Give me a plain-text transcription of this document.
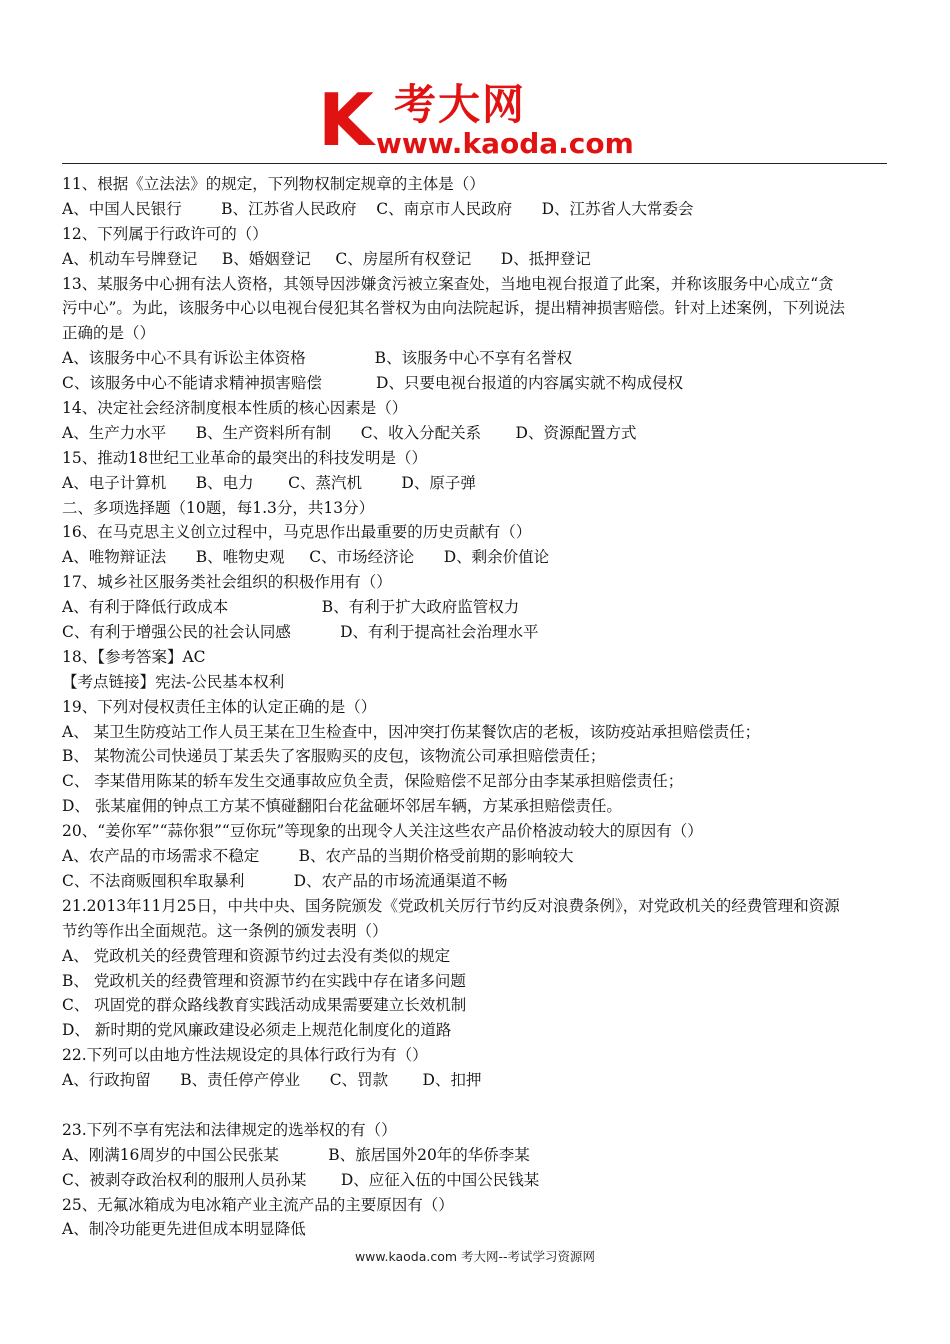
K 考大网
www.kaoda.com
11、根据《立法法》的规定，下列物权制定规章的主体是（）
A、中国人民银行        B、江苏省人民政府    C、南京市人民政府      D、江苏省人大常委会
12、下列属于行政许可的（）
A、机动车号牌登记     B、婚姻登记     C、房屋所有权登记      D、抵押登记
13、某服务中心拥有法人资格，其领导因涉嫌贪污被立案查处，当地电视台报道了此案，并称该服务中心成立“贪
污中心”。为此，该服务中心以电视台侵犯其名誉权为由向法院起诉，提出精神损害赔偿。针对上述案例，下列说法
正确的是（）
A、该服务中心不具有诉讼主体资格              B、该服务中心不享有名誉权
C、该服务中心不能请求精神损害赔偿           D、只要电视台报道的内容属实就不构成侵权
14、决定社会经济制度根本性质的核心因素是（）
A、生产力水平      B、生产资料所有制      C、收入分配关系       D、资源配置方式
15、推动18世纪工业革命的最突出的科技发明是（）
A、电子计算机      B、电力       C、蒸汽机        D、原子弹
二、多项选择题（10题，每1.3分，共13分）
16、在马克思主义创立过程中，马克思作出最重要的历史贡献有（）
A、唯物辩证法      B、唯物史观     C、市场经济论      D、剩余价值论
17、城乡社区服务类社会组织的积极作用有（）
A、有利于降低行政成本                   B、有利于扩大政府监管权力
C、有利于增强公民的社会认同感          D、有利于提高社会治理水平
18、【参考答案】AC
【考点链接】宪法-公民基本权利
19、下列对侵权责任主体的认定正确的是（）
A、 某卫生防疫站工作人员王某在卫生检查中，因冲突打伤某餐饮店的老板，该防疫站承担赔偿责任；
B、 某物流公司快递员丁某丢失了客服购买的皮包，该物流公司承担赔偿责任；
C、 李某借用陈某的轿车发生交通事故应负全责，保险赔偿不足部分由李某承担赔偿责任；
D、 张某雇佣的钟点工方某不慎碰翻阳台花盆砸坏邻居车辆，方某承担赔偿责任。
20、“姜你军”“蒜你狠”“豆你玩”等现象的出现令人关注这些农产品价格波动较大的原因有（）
A、农产品的市场需求不稳定        B、农产品的当期价格受前期的影响较大
C、不法商贩囤积牟取暴利          D、农产品的市场流通渠道不畅
21.2013年11月25日，中共中央、国务院颁发《党政机关厉行节约反对浪费条例》，对党政机关的经费管理和资源
节约等作出全面规范。这一条例的颁发表明（）
A、 党政机关的经费管理和资源节约过去没有类似的规定
B、 党政机关的经费管理和资源节约在实践中存在诸多问题
C、 巩固党的群众路线教育实践活动成果需要建立长效机制
D、 新时期的党风廉政建设必须走上规范化制度化的道路
22.下列可以由地方性法规设定的具体行政行为有（）
A、行政拘留      B、责任停产停业      C、罚款       D、扣押
23.下列不享有宪法和法律规定的选举权的有（）
A、刚满16周岁的中国公民张某          B、旅居国外20年的华侨李某
C、被剥夺政治权利的服刑人员孙某       D、应征入伍的中国公民钱某
25、无氟冰箱成为电冰箱产业主流产品的主要原因有（）
A、制冷功能更先进但成本明显降低
www.kaoda.com 考大网--考试学习资源网
